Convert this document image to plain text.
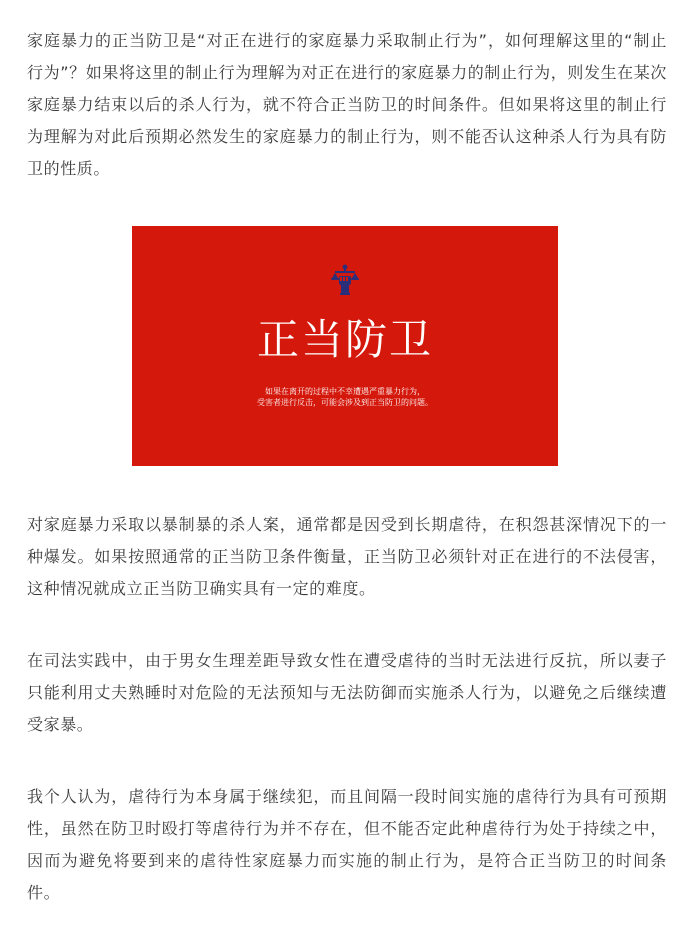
家庭暴力的正当防卫是“对正在进行的家庭暴力采取制止行为”，如何理解这里的“制止行为”？如果将这里的制止行为理解为对正在进行的家庭暴力的制止行为，则发生在某次家庭暴力结束以后的杀人行为，就不符合正当防卫的时间条件。但如果将这里的制止行为理解为对此后预期必然发生的家庭暴力的制止行为，则不能否认这种杀人行为具有防卫的性质。

正当防卫
如果在离开的过程中不幸遭遇严重暴力行为，
受害者进行反击，可能会涉及到正当防卫的问题。

对家庭暴力采取以暴制暴的杀人案，通常都是因受到长期虐待，在积怨甚深情况下的一种爆发。如果按照通常的正当防卫条件衡量，正当防卫必须针对正在进行的不法侵害，这种情况就成立正当防卫确实具有一定的难度。

在司法实践中，由于男女生理差距导致女性在遭受虐待的当时无法进行反抗，所以妻子只能利用丈夫熟睡时对危险的无法预知与无法防御而实施杀人行为，以避免之后继续遭受家暴。

我个人认为，虐待行为本身属于继续犯，而且间隔一段时间实施的虐待行为具有可预期性，虽然在防卫时殴打等虐待行为并不存在，但不能否定此种虐待行为处于持续之中，因而为避免将要到来的虐待性家庭暴力而实施的制止行为，是符合正当防卫的时间条件。
